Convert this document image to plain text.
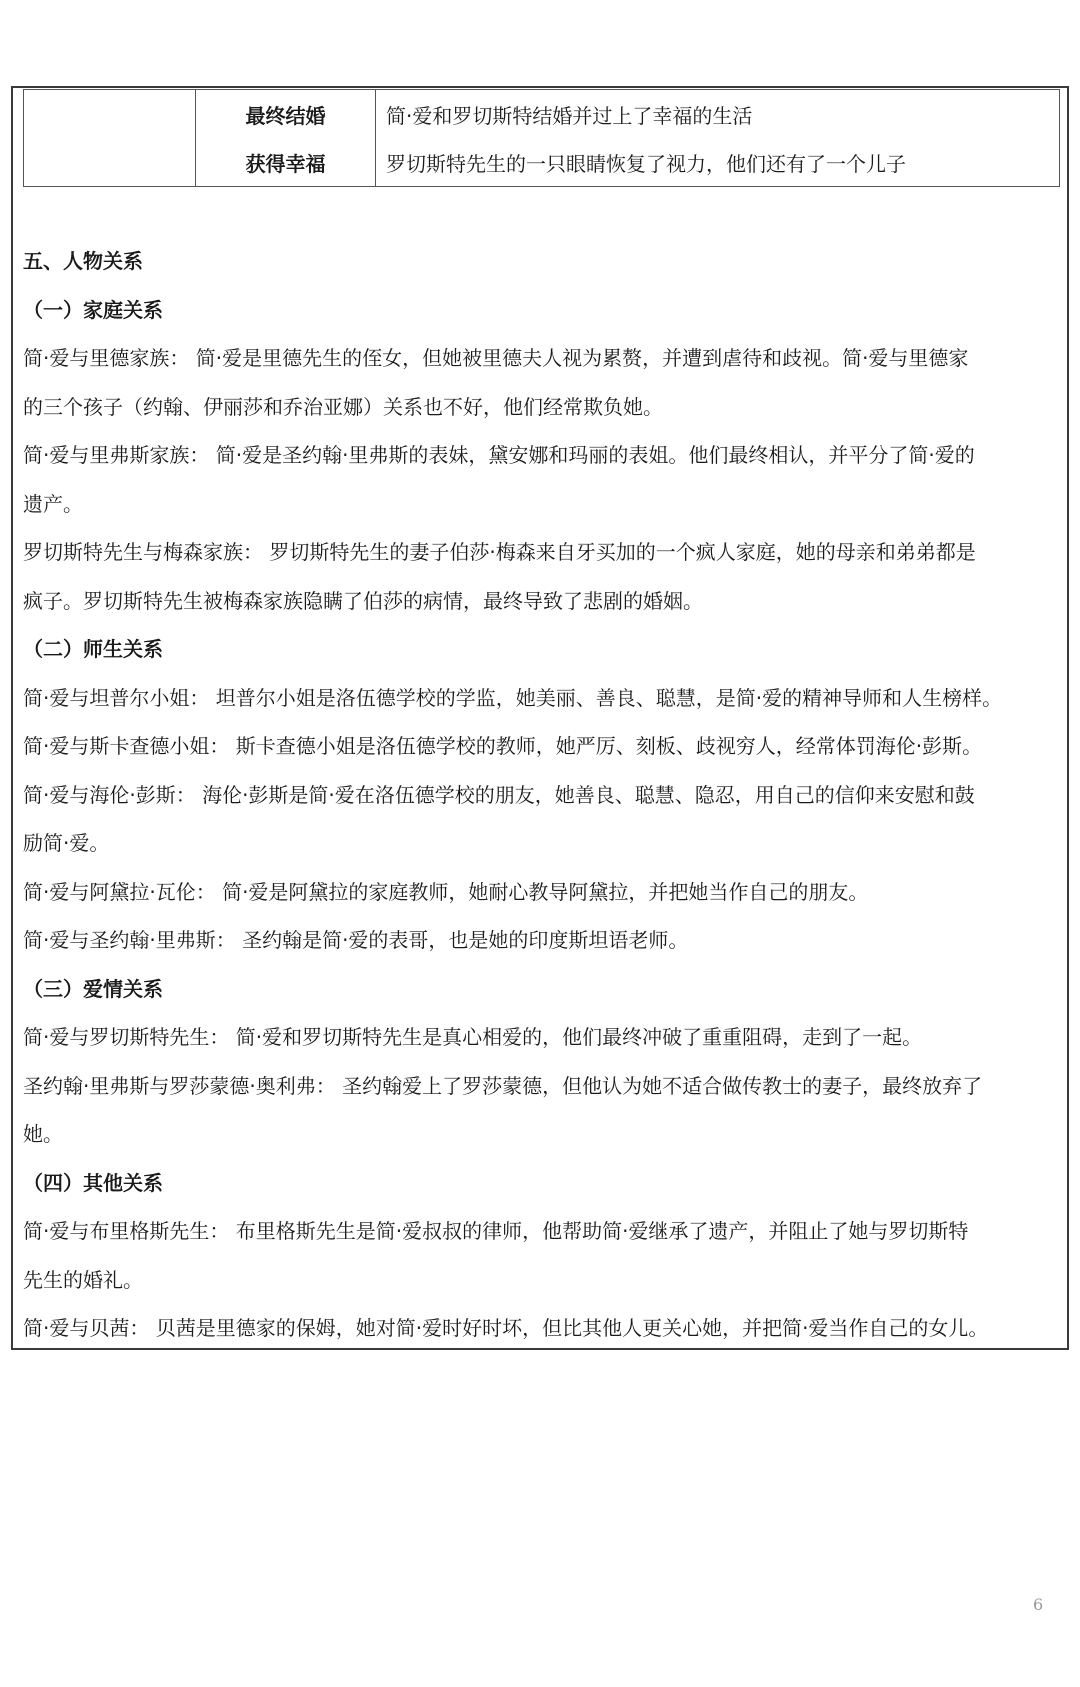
	最终结婚	简·爱和罗切斯特结婚并过上了幸福的生活
	获得幸福	罗切斯特先生的一只眼睛恢复了视力，他们还有了一个儿子
五、人物关系
（一）家庭关系
简·爱与里德家族： 简·爱是里德先生的侄女，但她被里德夫人视为累赘，并遭到虐待和歧视。简·爱与里德家
的三个孩子（约翰、伊丽莎和乔治亚娜）关系也不好，他们经常欺负她。
简·爱与里弗斯家族： 简·爱是圣约翰·里弗斯的表妹，黛安娜和玛丽的表姐。他们最终相认，并平分了简·爱的
遗产。
罗切斯特先生与梅森家族： 罗切斯特先生的妻子伯莎·梅森来自牙买加的一个疯人家庭，她的母亲和弟弟都是
疯子。罗切斯特先生被梅森家族隐瞒了伯莎的病情，最终导致了悲剧的婚姻。
（二）师生关系
简·爱与坦普尔小姐： 坦普尔小姐是洛伍德学校的学监，她美丽、善良、聪慧，是简·爱的精神导师和人生榜样。
简·爱与斯卡查德小姐： 斯卡查德小姐是洛伍德学校的教师，她严厉、刻板、歧视穷人，经常体罚海伦·彭斯。
简·爱与海伦·彭斯： 海伦·彭斯是简·爱在洛伍德学校的朋友，她善良、聪慧、隐忍，用自己的信仰来安慰和鼓
励简·爱。
简·爱与阿黛拉·瓦伦： 简·爱是阿黛拉的家庭教师，她耐心教导阿黛拉，并把她当作自己的朋友。
简·爱与圣约翰·里弗斯： 圣约翰是简·爱的表哥，也是她的印度斯坦语老师。
（三）爱情关系
简·爱与罗切斯特先生： 简·爱和罗切斯特先生是真心相爱的，他们最终冲破了重重阻碍，走到了一起。
圣约翰·里弗斯与罗莎蒙德·奥利弗： 圣约翰爱上了罗莎蒙德，但他认为她不适合做传教士的妻子，最终放弃了
她。
（四）其他关系
简·爱与布里格斯先生： 布里格斯先生是简·爱叔叔的律师，他帮助简·爱继承了遗产，并阻止了她与罗切斯特
先生的婚礼。
简·爱与贝茜： 贝茜是里德家的保姆，她对简·爱时好时坏，但比其他人更关心她，并把简·爱当作自己的女儿。
6
